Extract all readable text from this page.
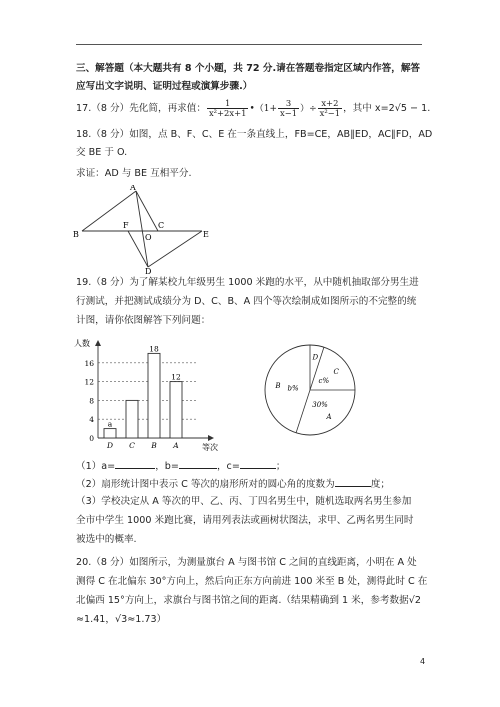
三、解答题（本大题共有 8 个小题，共 72 分.请在答题卷指定区域内作答，解答
应写出文字说明、证明过程或演算步骤.）
17.（8 分）先化简，再求值： $\frac{1}{\text{x²+2x+1}}$ •（1+ $\frac{3}{x-1}$ ）÷ $\frac{x+2}{\text{x²−1}}$ ，其中 x=2√5 − 1.
18.（8 分）如图，点 B、F、C、E 在一条直线上，FB=CE，AB∥ED，AC∥FD，AD
交 BE 于 O.
求证：AD 与 BE 互相平分.
A
B
F
O
C
E
D
19.（8 分）为了解某校九年级男生 1000 米跑的水平，从中随机抽取部分男生进
行测试，并把测试成绩分为 D、C、B、A 四个等次绘制成如图所示的不完整的统
计图，请你依图解答下列问题：
人数
等次
0
4
8
12
16
a
D C
18
B
12
A
D
C
c%
A
30%
B b%
（1）a=	，b=	，c=	；
（2）扇形统计图中表示 C 等次的扇形所对的圆心角的度数为	度；
（3）学校决定从 A 等次的甲、乙、丙、丁四名男生中，随机选取两名男生参加
全市中学生 1000 米跑比赛，请用列表法或画树状图法，求甲、乙两名男生同时
被选中的概率.
20.（8 分）如图所示，为测量旗台 A 与图书馆 C 之间的直线距离，小明在 A 处
测得 C 在北偏东 30°方向上，然后向正东方向前进 100 米至 B 处，测得此时 C 在
北偏西 15°方向上，求旗台与图书馆之间的距离.（结果精确到 1 米，参考数据√2
≈1.41，√3≈1.73）
4
